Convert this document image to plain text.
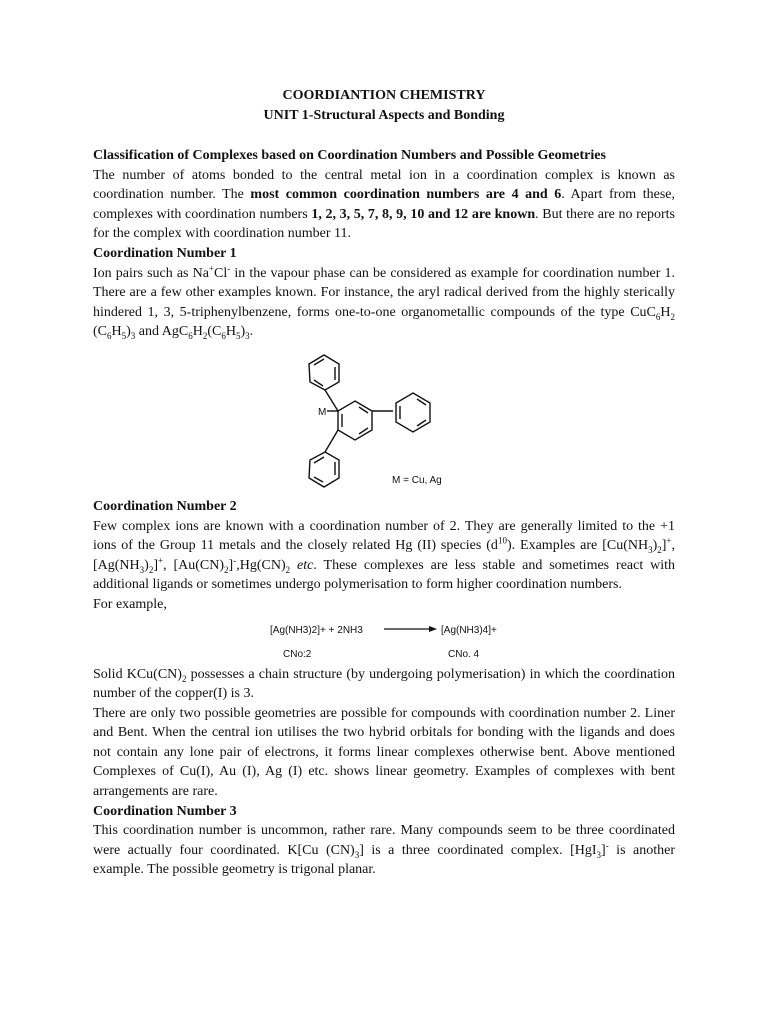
COORDIANTION CHEMISTRY
UNIT 1-Structural Aspects and Bonding

Classification of Complexes based on Coordination Numbers and Possible Geometries

The number of atoms bonded to the central metal ion in a coordination complex is known as coordination number. The most common coordination numbers are 4 and 6. Apart from these, complexes with coordination numbers 1, 2, 3, 5, 7, 8, 9, 10 and 12 are known. But there are no reports for the complex with coordination number 11.

Coordination Number 1

Ion pairs such as Na+Cl- in the vapour phase can be considered as example for coordination number 1. There are a few other examples known. For instance, the aryl radical derived from the highly sterically hindered 1, 3, 5-triphenylbenzene, forms one-to-one organometallic compounds of the type $CuC_6H_2$ $(C_6H_5)_3$ and $AgC_6H_2(C_6H_5)_3$.

M
M = Cu, Ag

Coordination Number 2

Few complex ions are known with a coordination number of 2. They are generally limited to the +1 ions of the Group 11 metals and the closely related Hg (II) species $(d^{10})$. Examples are $[Cu(NH_3)_2]^+,[Ag(NH_3)_2]^+$, $[Au(CN)_2]^-,Hg(CN)_2$ etc. These complexes are less stable and sometimes react with additional ligands or sometimes undergo polymerisation to form higher coordination numbers.

For example,

[Ag(NH3)2]+ + 2NH3	[Ag(NH3)4]+
CNo:2	CNo. 4

Solid $KCu(CN)_2$ possesses a chain structure (by undergoing polymerisation) in which the coordination number of the copper(I) is 3.

There are only two possible geometries are possible for compounds with coordination number 2. Liner and Bent. When the central ion utilises the two hybrid orbitals for bonding with the ligands and does not contain any lone pair of electrons, it forms linear complexes otherwise bent. Above mentioned Complexes of Cu(I), Au (I), Ag (I) etc. shows linear geometry. Examples of complexes with bent arrangements are rare.

Coordination Number 3

This coordination number is uncommon, rather rare. Many compounds seem to be three coordinated were actually four coordinated. K[Cu $(CN)_3$] is a three coordinated complex. [HgI$_3$]- is another example. The possible geometry is trigonal planar.
